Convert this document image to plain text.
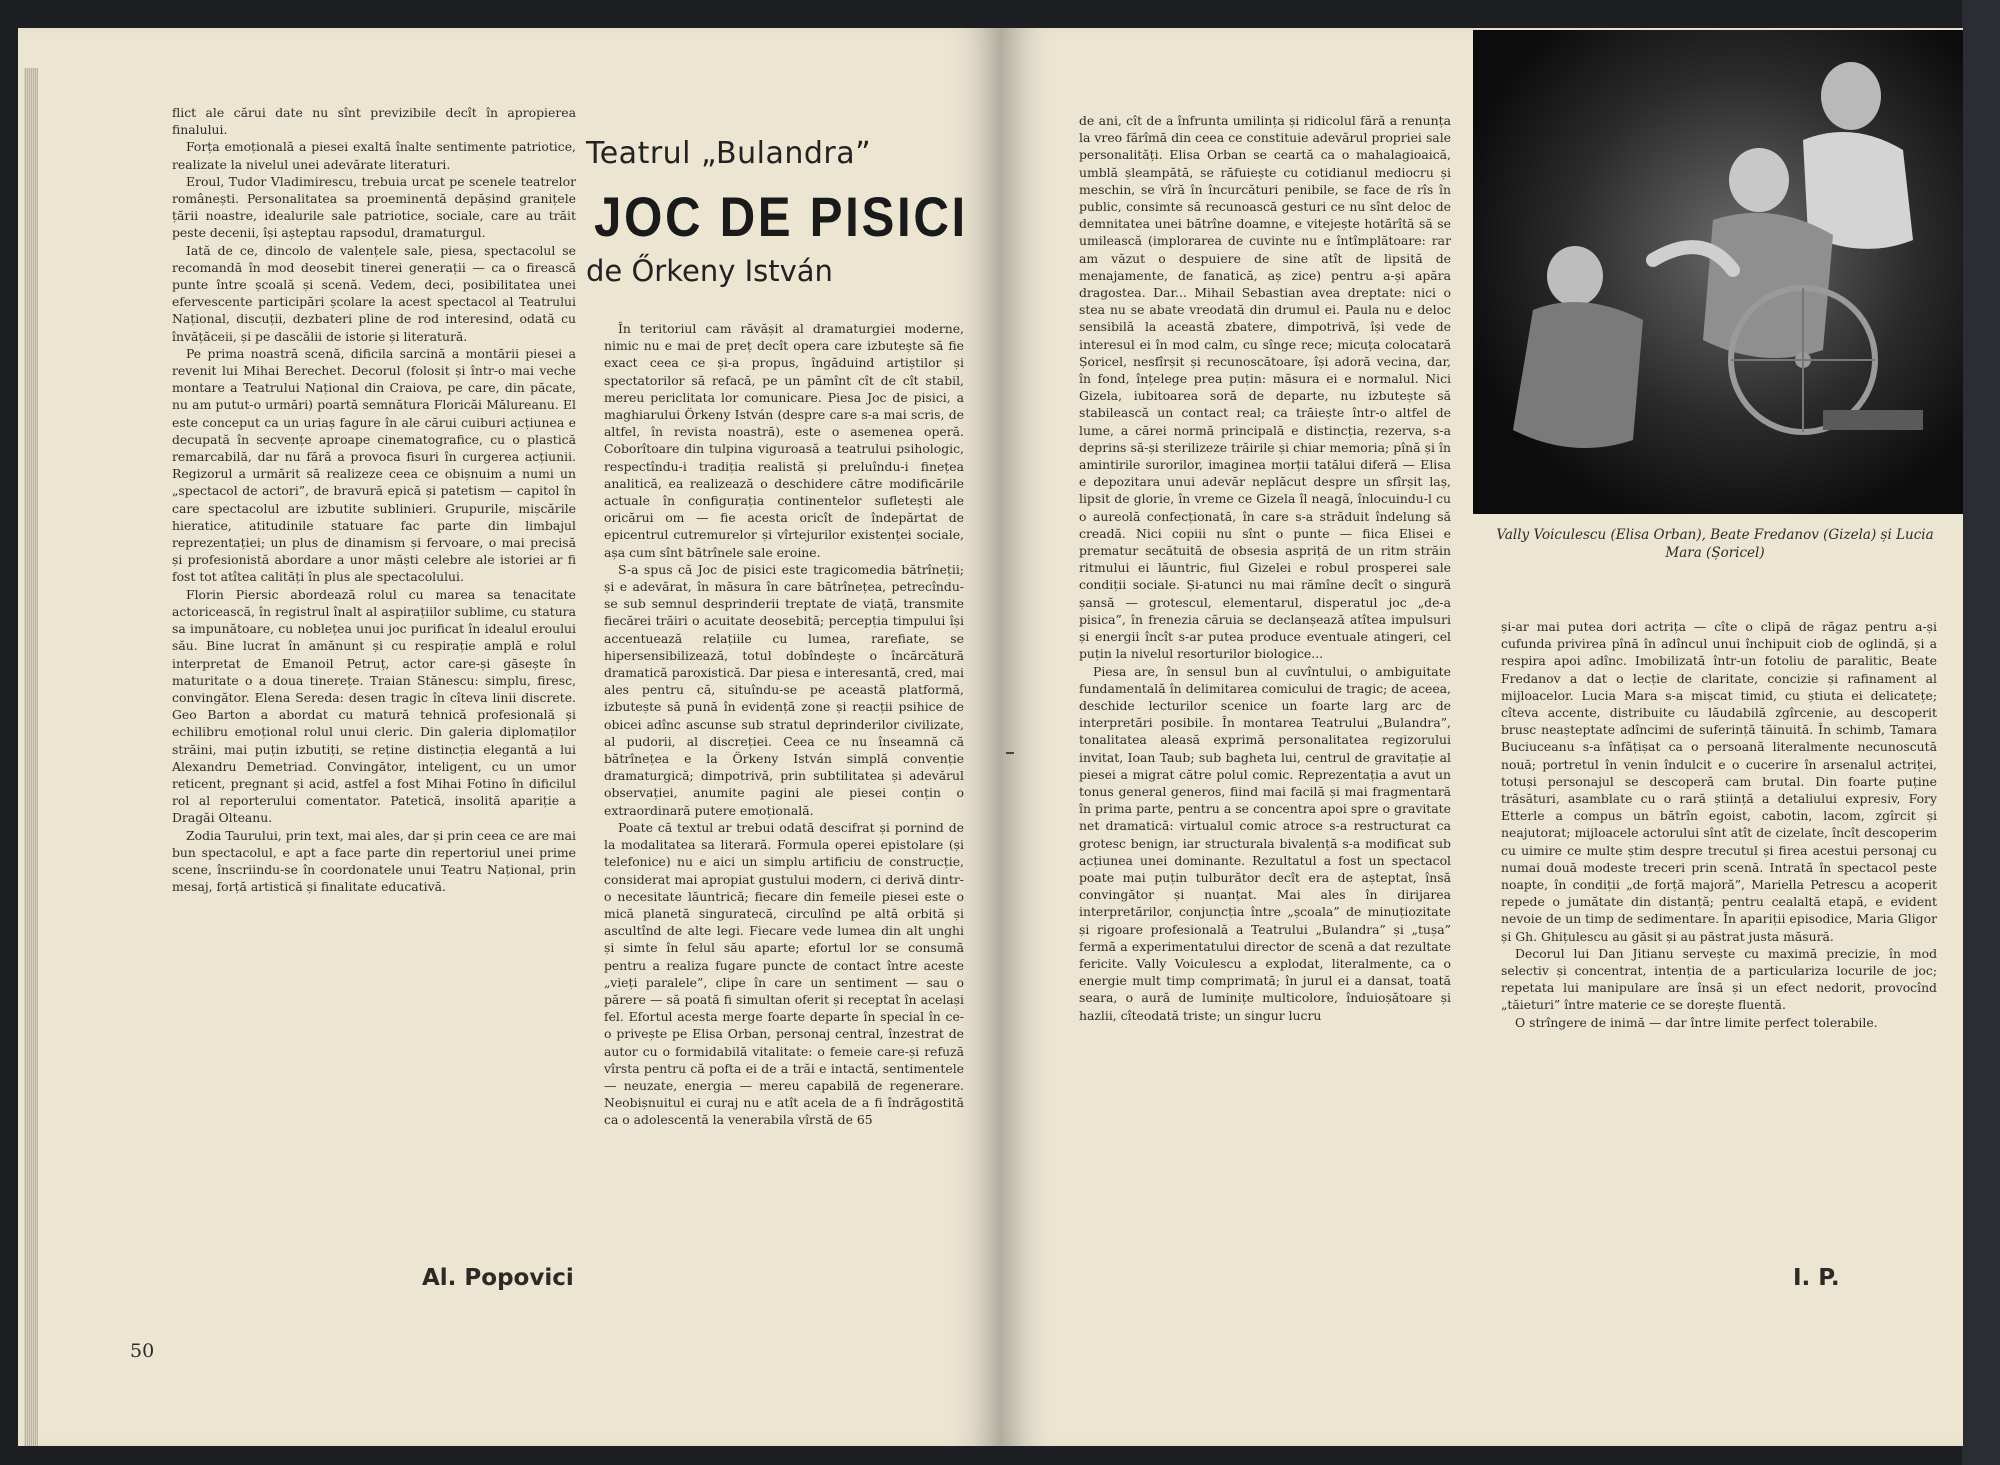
flict ale cărui date nu sînt previzibile decît în apropierea finalului.

Forța emoțională a piesei exaltă înalte sentimente patriotice, realizate la nivelul unei adevărate literaturi.

Eroul, Tudor Vladimirescu, trebuia urcat pe scenele teatrelor românești. Personalitatea sa proeminentă depășind granițele țării noastre, idealurile sale patriotice, sociale, care au trăit peste decenii, își așteptau rapsodul, dramaturgul.

Iată de ce, dincolo de valențele sale, piesa, spectacolul se recomandă în mod deosebit tinerei generații — ca o firească punte între școală și scenă. Vedem, deci, posibilitatea unei efervescente participări școlare la acest spectacol al Teatrului Național, discuții, dezbateri pline de rod interesind, odată cu învățăceii, și pe dascălii de istorie și literatură.

Pe prima noastră scenă, dificila sarcină a montării piesei a revenit lui Mihai Berechet. Decorul (folosit și într-o mai veche montare a Teatrului Național din Craiova, pe care, din păcate, nu am putut-o urmări) poartă semnătura Floricăi Mălureanu. El este conceput ca un uriaș fagure în ale cărui cuiburi acțiunea e decupată în secvențe aproape cinematografice, cu o plastică remarcabilă, dar nu fără a provoca fisuri în curgerea acțiunii. Regizorul a urmărit să realizeze ceea ce obișnuim a numi un „spectacol de actori”, de bravură epică și patetism — capitol în care spectacolul are izbutite sublinieri. Grupurile, mișcările hieratice, atitudinile statuare fac parte din limbajul reprezentației; un plus de dinamism și fervoare, o mai precisă și profesionistă abordare a unor măști celebre ale istoriei ar fi fost tot atîtea calități în plus ale spectacolului.

Florin Piersic abordează rolul cu marea sa tenacitate actoricească, în registrul înalt al aspirațiilor sublime, cu statura sa impunătoare, cu noblețea unui joc purificat în idealul eroului său. Bine lucrat în amănunt și cu respirație amplă e rolul interpretat de Emanoil Petruț, actor care-și găsește în maturitate o a doua tinerețe. Traian Stănescu: simplu, firesc, convingător. Elena Sereda: desen tragic în cîteva linii discrete. Geo Barton a abordat cu matură tehnică profesională și echilibru emoțional rolul unui cleric. Din galeria diplomaților străini, mai puțin izbutiți, se reține distincția elegantă a lui Alexandru Demetriad. Convingător, inteligent, cu un umor reticent, pregnant și acid, astfel a fost Mihai Fotino în dificilul rol al reporterului comentator. Patetică, insolită apariție a Dragăi Olteanu.

Zodia Taurului, prin text, mai ales, dar și prin ceea ce are mai bun spectacolul, e apt a face parte din repertoriul unei prime scene, înscriindu-se în coordonatele unui Teatru Național, prin mesaj, forță artistică și finalitate educativă.

Al. Popovici
50
Teatrul „Bulandra”
JOC DE PISICI
de Őrkeny István

În teritoriul cam răvășit al dramaturgiei moderne, nimic nu e mai de preț decît opera care izbutește să fie exact ceea ce și-a propus, îngăduind artiștilor și spectatorilor să refacă, pe un pămînt cît de cît stabil, mereu periclitata lor comunicare. Piesa Joc de pisici, a maghiarului Örkeny István (despre care s-a mai scris, de altfel, în revista noastră), este o asemenea operă. Coborîtoare din tulpina viguroasă a teatrului psihologic, respectîndu-i tradiția realistă și preluîndu-i finețea analitică, ea realizează o deschidere către modificările actuale în configurația continentelor sufletești ale oricărui om — fie acesta oricît de îndepărtat de epicentrul cutremurelor și vîrtejurilor existenței sociale, așa cum sînt bătrînele sale eroine.

S-a spus că Joc de pisici este tragicomedia bătrîneții; și e adevărat, în măsura în care bătrînețea, petrecîndu-se sub semnul desprinderii treptate de viață, transmite fiecărei trăiri o acuitate deosebită; percepția timpului își accentuează relațiile cu lumea, rarefiate, se hipersensibilizează, totul dobîndește o încărcătură dramatică paroxistică. Dar piesa e interesantă, cred, mai ales pentru că, situîndu-se pe această platformă, izbutește să pună în evidență zone și reacții psihice de obicei adînc ascunse sub stratul deprinderilor civilizate, al pudorii, al discreției. Ceea ce nu înseamnă că bătrînețea e la Örkeny István simplă convenție dramaturgică; dimpotrivă, prin subtilitatea și adevărul observației, anumite pagini ale piesei conțin o extraordinară putere emoțională.

Poate că textul ar trebui odată descifrat și pornind de la modalitatea sa literară. Formula operei epistolare (și telefonice) nu e aici un simplu artificiu de construcție, considerat mai apropiat gustului modern, ci derivă dintr-o necesitate lăuntrică; fiecare din femeile piesei este o mică planetă singuratecă, circulînd pe altă orbită și ascultînd de alte legi. Fiecare vede lumea din alt unghi și simte în felul său aparte; efortul lor se consumă pentru a realiza fugare puncte de contact între aceste „vieți paralele”, clipe în care un sentiment — sau o părere — să poată fi simultan oferit și receptat în același fel. Efortul acesta merge foarte departe în special în ce-o privește pe Elisa Orban, personaj central, înzestrat de autor cu o formidabilă vitalitate: o femeie care-și refuză vîrsta pentru că pofta ei de a trăi e intactă, sentimentele — neuzate, energia — mereu capabilă de regenerare. Neobișnuitul ei curaj nu e atît acela de a fi îndrăgostită ca o adolescentă la venerabila vîrstă de 65

de ani, cît de a înfrunta umilința și ridicolul fără a renunța la vreo fărîmă din ceea ce constituie adevărul propriei sale personalități. Elisa Orban se ceartă ca o mahalagioaică, umblă șleampătă, se răfuiește cu cotidianul mediocru și meschin, se vîră în încurcături penibile, se face de rîs în public, consimte să recunoască gesturi ce nu sînt deloc de demnitatea unei bătrîne doamne, e vitejește hotărîtă să se umilească (implorarea de cuvinte nu e întîmplătoare: rar am văzut o despuiere de sine atît de lipsită de menajamente, de fanatică, aș zice) pentru a-și apăra dragostea. Dar... Mihail Sebastian avea dreptate: nici o stea nu se abate vreodată din drumul ei. Paula nu e deloc sensibilă la această zbatere, dimpotrivă, își vede de interesul ei în mod calm, cu sînge rece; micuța colocatară Șoricel, nesfîrșit și recunoscătoare, își adoră vecina, dar, în fond, înțelege prea puțin: măsura ei e normalul. Nici Gizela, iubitoarea soră de departe, nu izbutește să stabilească un contact real; ca trăiește într-o altfel de lume, a cărei normă principală e distincția, rezerva, s-a deprins să-și sterilizeze trăirile și chiar memoria; pînă și în amintirile surorilor, imaginea morții tatălui diferă — Elisa e depozitara unui adevăr neplăcut despre un sfîrșit laș, lipsit de glorie, în vreme ce Gizela îl neagă, înlocuindu-l cu o aureolă confecționată, în care s-a străduit îndelung să creadă. Nici copiii nu sînt o punte — fiica Elisei e prematur secătuită de obsesia aspriță de un ritm străin ritmului ei lăuntric, fiul Gizelei e robul prosperei sale condiții sociale. Și-atunci nu mai rămîne decît o singură șansă — grotescul, elementarul, disperatul joc „de-a pisica”, în frenezia căruia se declanșează atîtea impulsuri și energii încît s-ar putea produce eventuale atingeri, cel puțin la nivelul resorturilor biologice...

Piesa are, în sensul bun al cuvîntului, o ambiguitate fundamentală în delimitarea comicului de tragic; de aceea, deschide lecturilor scenice un foarte larg arc de interpretări posibile. În montarea Teatrului „Bulandra”, tonalitatea aleasă exprimă personalitatea regizorului invitat, Ioan Taub; sub bagheta lui, centrul de gravitație al piesei a migrat către polul comic. Reprezentația a avut un tonus general generos, fiind mai facilă și mai fragmentară în prima parte, pentru a se concentra apoi spre o gravitate net dramatică: virtualul comic atroce s-a restructurat ca grotesc benign, iar structurala bivalență s-a modificat sub acțiunea unei dominante. Rezultatul a fost un spectacol poate mai puțin tulburător decît era de așteptat, însă convingător și nuanțat. Mai ales în dirijarea interpretărilor, conjuncția între „școala” de minuțiozitate și rigoare profesională a Teatrului „Bulandra” și „tușa” fermă a experimentatului director de scenă a dat rezultate fericite. Vally Voiculescu a explodat, literalmente, ca o energie mult timp comprimată; în jurul ei a dansat, toată seara, o aură de luminițe multicolore, înduioșătoare și hazlii, cîteodată triste; un singur lucru

Vally Voiculescu (Elisa Orban), Beate Fredanov (Gizela) și Lucia Mara (Șoricel)

și-ar mai putea dori actrița — cîte o clipă de răgaz pentru a-și cufunda privirea pînă în adîncul unui închipuit ciob de oglindă, și a respira apoi adînc. Imobilizată într-un fotoliu de paralitic, Beate Fredanov a dat o lecție de claritate, concizie și rafinament al mijloacelor. Lucia Mara s-a mișcat timid, cu știuta ei delicatețe; cîteva accente, distribuite cu lăudabilă zgîrcenie, au descoperit brusc neașteptate adîncimi de suferință tăinuită. În schimb, Tamara Buciuceanu s-a înfățișat ca o persoană literalmente necunoscută nouă; portretul în venin îndulcit e o cucerire în arsenalul actriței, totuși personajul se descoperă cam brutal. Din foarte puține trăsături, asamblate cu o rară știință a detaliului expresiv, Fory Etterle a compus un bătrîn egoist, cabotin, lacom, zgîrcit și neajutorat; mijloacele actorului sînt atît de cizelate, încît descoperim cu uimire ce multe știm despre trecutul și firea acestui personaj cu numai două modeste treceri prin scenă. Intrată în spectacol peste noapte, în condiții „de forță majoră”, Mariella Petrescu a acoperit repede o jumătate din distanță; pentru cealaltă etapă, e evident nevoie de un timp de sedimentare. În apariții episodice, Maria Gligor și Gh. Ghițulescu au găsit și au păstrat justa măsură.

Decorul lui Dan Jitianu servește cu maximă precizie, în mod selectiv și concentrat, intenția de a particulariza locurile de joc; repetata lui manipulare are însă și un efect nedorit, provocînd „tăieturi” între materie ce se dorește fluentă.

O strîngere de inimă — dar între limite perfect tolerabile.

I. P.
